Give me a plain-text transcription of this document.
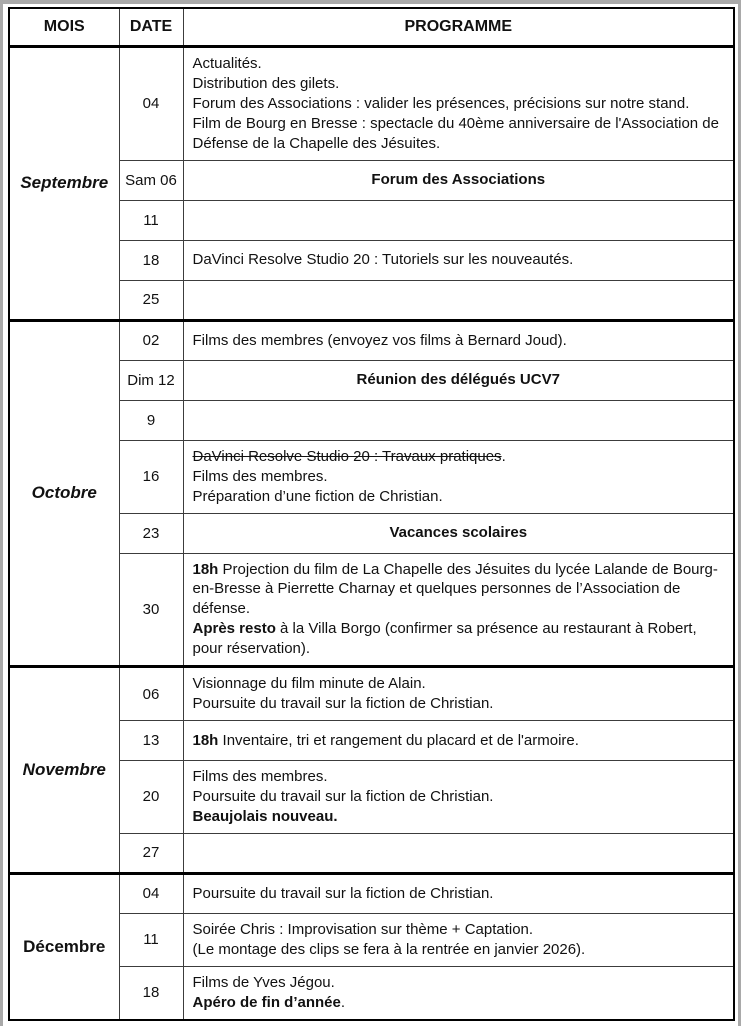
MOIS	DATE	PROGRAMME
Septembre	04	Actualités.
Distribution des gilets.
Forum des Associations : valider les présences, précisions sur notre stand.
Film de Bourg en Bresse : spectacle du 40ème anniversaire de l'Association de Défense de la Chapelle des Jésuites.

	Sam 06	Forum des Associations

	11	
	18	DaVinci Resolve Studio 20 : Tutoriels sur les nouveautés.

	25	
Octobre	02	Films des membres (envoyez vos films à Bernard Joud).

	Dim 12	Réunion des délégués UCV7

	9	
	16	DaVinci Resolve Studio 20 : Travaux pratiques.
Films des membres.
Préparation d’une fiction de Christian.

	23	Vacances scolaires

	30	18h Projection du film de La Chapelle des Jésuites du lycée Lalande de Bourg-en-Bresse à Pierrette Charnay et quelques personnes de l’Association de défense.
Après resto à la Villa Borgo (confirmer sa présence au restaurant à Robert, pour réservation).

Novembre	06	Visionnage du film minute de Alain.
Poursuite du travail sur la fiction de Christian.

	13	18h Inventaire, tri et rangement du placard et de l'armoire.

	20	Films des membres.
Poursuite du travail sur la fiction de Christian.
Beaujolais nouveau.

	27	
Décembre	04	Poursuite du travail sur la fiction de Christian.

	11	Soirée Chris : Improvisation sur thème + Captation.
(Le montage des clips se fera à la rentrée en janvier 2026).

	18	Films de Yves Jégou.
Apéro de fin d’année.
